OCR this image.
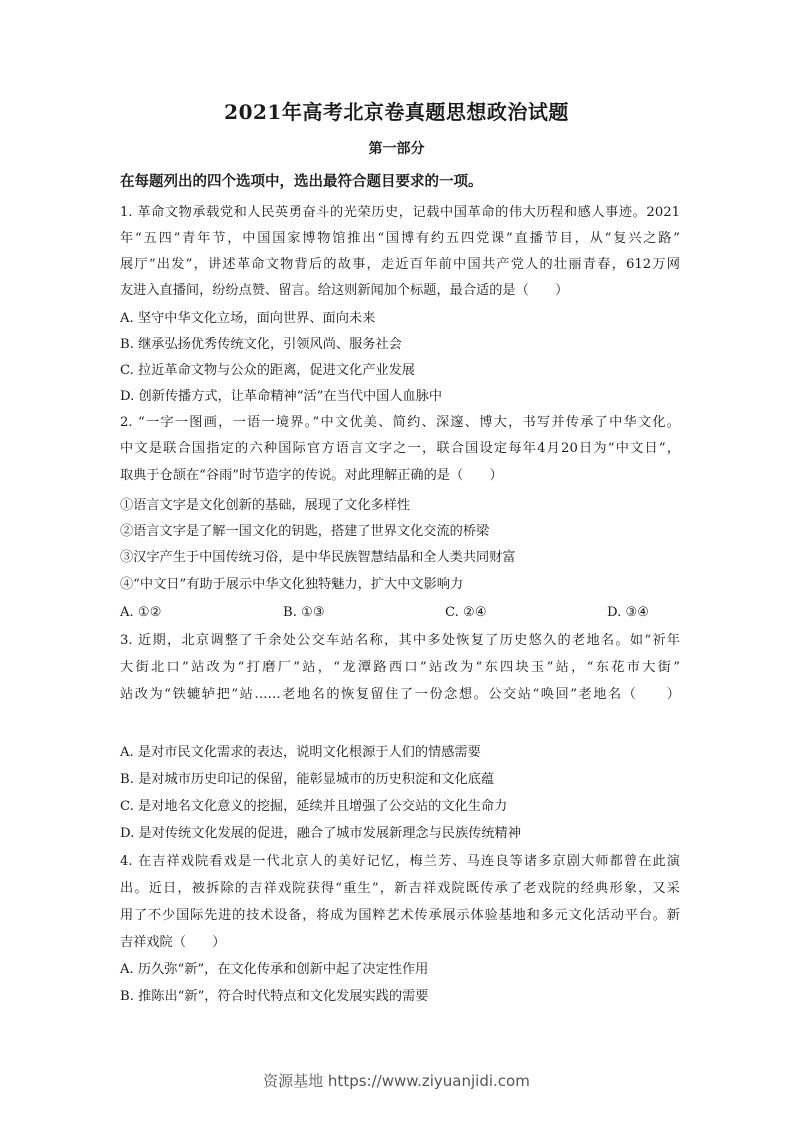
2021年高考北京卷真题思想政治试题
第一部分
在每题列出的四个选项中，选出最符合题目要求的一项。
1. 革命文物承载党和人民英勇奋斗的光荣历史，记载中国革命的伟大历程和感人事迹。2021
年“五四”青年节，中国国家博物馆推出“国博有约五四党课”直播节目，从“复兴之路”
展厅“出发”，讲述革命文物背后的故事，走近百年前中国共产党人的壮丽青春，612万网
友进入直播间，纷纷点赞、留言。给这则新闻加个标题，最合适的是（　　）
A. 坚守中华文化立场，面向世界、面向未来
B. 继承弘扬优秀传统文化，引领风尚、服务社会
C. 拉近革命文物与公众的距离，促进文化产业发展
D. 创新传播方式，让革命精神“活”在当代中国人血脉中
2. “一字一图画，一语一境界。”中文优美、简约、深邃、博大，书写并传承了中华文化。
中文是联合国指定的六种国际官方语言文字之一，联合国设定每年4月20日为“中文日”，
取典于仓颉在“谷雨”时节造字的传说。对此理解正确的是（　　）
①语言文字是文化创新的基础，展现了文化多样性
②语言文字是了解一国文化的钥匙，搭建了世界文化交流的桥梁
③汉字产生于中国传统习俗，是中华民族智慧结晶和全人类共同财富
④“中文日”有助于展示中华文化独特魅力，扩大中文影响力
A. ①②	B. ①③	C. ②④	D. ③④
3. 近期，北京调整了千余处公交车站名称，其中多处恢复了历史悠久的老地名。如“祈年
大街北口”站改为“打磨厂”站，“龙潭路西口”站改为“东四块玉”站，“东花市大街”
站改为“铁辘轳把”站……老地名的恢复留住了一份念想。公交站“唤回”老地名（　　）
A. 是对市民文化需求的表达，说明文化根源于人们的情感需要
B. 是对城市历史印记的保留，能彰显城市的历史积淀和文化底蕴
C. 是对地名文化意义的挖掘，延续并且增强了公交站的文化生命力
D. 是对传统文化发展的促进，融合了城市发展新理念与民族传统精神
4. 在吉祥戏院看戏是一代北京人的美好记忆，梅兰芳、马连良等诸多京剧大师都曾在此演
出。近日，被拆除的吉祥戏院获得“重生”，新吉祥戏院既传承了老戏院的经典形象，又采
用了不少国际先进的技术设备，将成为国粹艺术传承展示体验基地和多元文化活动平台。新
吉祥戏院（　　）
A. 历久弥“新”，在文化传承和创新中起了决定性作用
B. 推陈出“新”，符合时代特点和文化发展实践的需要
资源基地 https://www.ziyuanjidi.com
